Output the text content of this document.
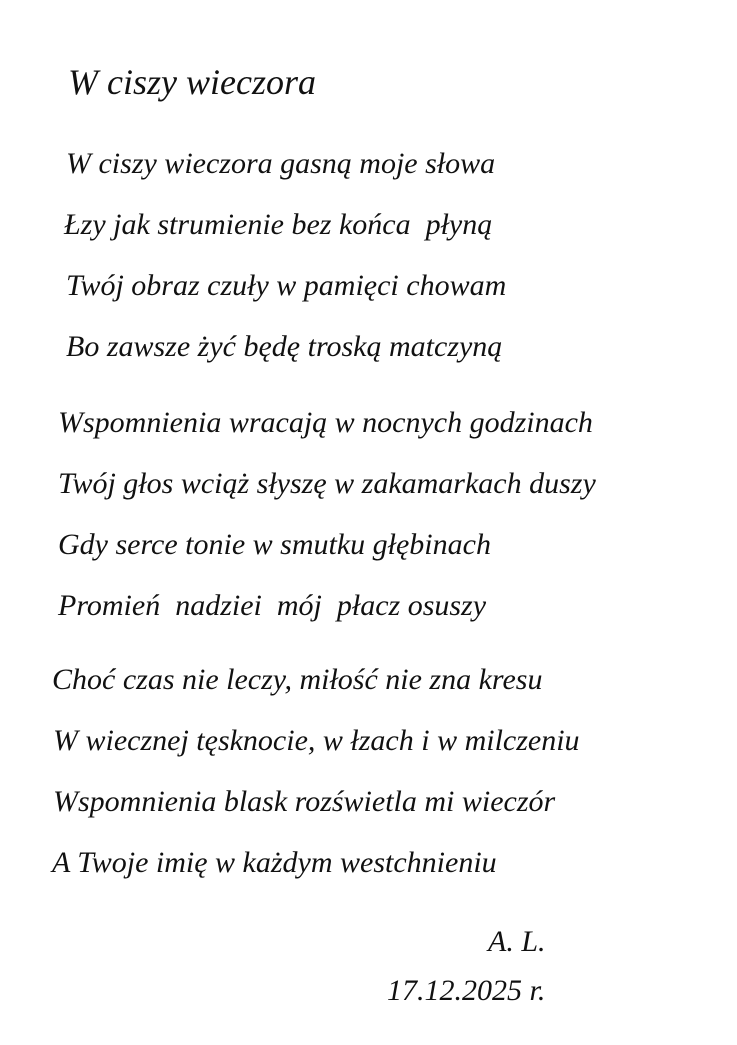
W ciszy wieczora
W ciszy wieczora gasną moje słowa
Łzy jak strumienie bez końca  płyną
Twój obraz czuły w pamięci chowam
Bo zawsze żyć będę troską matczyną
Wspomnienia wracają w nocnych godzinach
Twój głos wciąż słyszę w zakamarkach duszy
Gdy serce tonie w smutku głębinach
Promień  nadziei  mój  płacz osuszy
Choć czas nie leczy, miłość nie zna kresu
W wiecznej tęsknocie, w łzach i w milczeniu
Wspomnienia blask rozświetla mi wieczór
A Twoje imię w każdym westchnieniu
A. L.
17.12.2025 r.
